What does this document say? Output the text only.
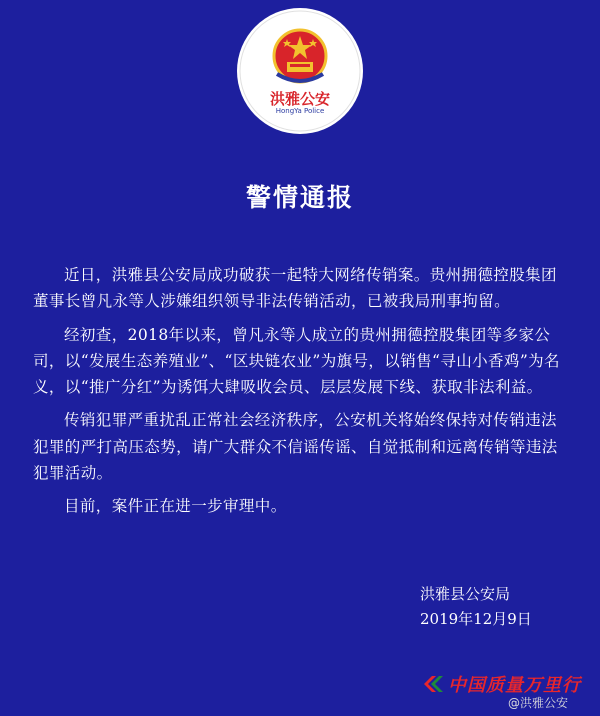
洪雅公安
HongYa Police
警情通报

近日，洪雅县公安局成功破获一起特大网络传销案。贵州拥德控股集团董事长曾凡永等人涉嫌组织领导非法传销活动，已被我局刑事拘留。

经初查，2018年以来，曾凡永等人成立的贵州拥德控股集团等多家公司，以“发展生态养殖业”、“区块链农业”为旗号，以销售“寻山小香鸡”为名义，以“推广分红”为诱饵大肆吸收会员、层层发展下线、获取非法利益。

传销犯罪严重扰乱正常社会经济秩序，公安机关将始终保持对传销违法犯罪的严打高压态势，请广大群众不信谣传谣、自觉抵制和远离传销等违法犯罪活动。

目前，案件正在进一步审理中。

洪雅县公安局
2019年12月9日
中国质量万里行
@洪雅公安
